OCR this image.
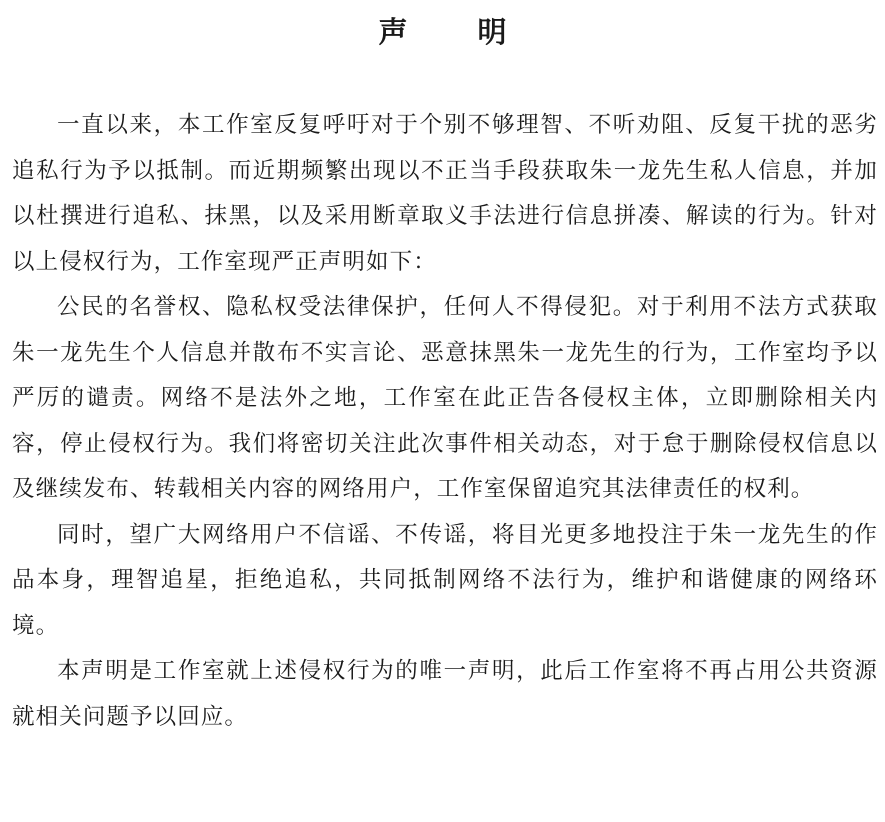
声 明

一直以来，本工作室反复呼吁对于个别不够理智、不听劝阻、反复干扰的恶劣追私行为予以抵制。而近期频繁出现以不正当手段获取朱一龙先生私人信息，并加以杜撰进行追私、抹黑，以及采用断章取义手法进行信息拼凑、解读的行为。针对以上侵权行为，工作室现严正声明如下：

公民的名誉权、隐私权受法律保护，任何人不得侵犯。对于利用不法方式获取朱一龙先生个人信息并散布不实言论、恶意抹黑朱一龙先生的行为，工作室均予以严厉的谴责。网络不是法外之地，工作室在此正告各侵权主体，立即删除相关内容，停止侵权行为。我们将密切关注此次事件相关动态，对于怠于删除侵权信息以及继续发布、转载相关内容的网络用户，工作室保留追究其法律责任的权利。

同时，望广大网络用户不信谣、不传谣，将目光更多地投注于朱一龙先生的作品本身，理智追星，拒绝追私，共同抵制网络不法行为，维护和谐健康的网络环境。

本声明是工作室就上述侵权行为的唯一声明，此后工作室将不再占用公共资源就相关问题予以回应。
